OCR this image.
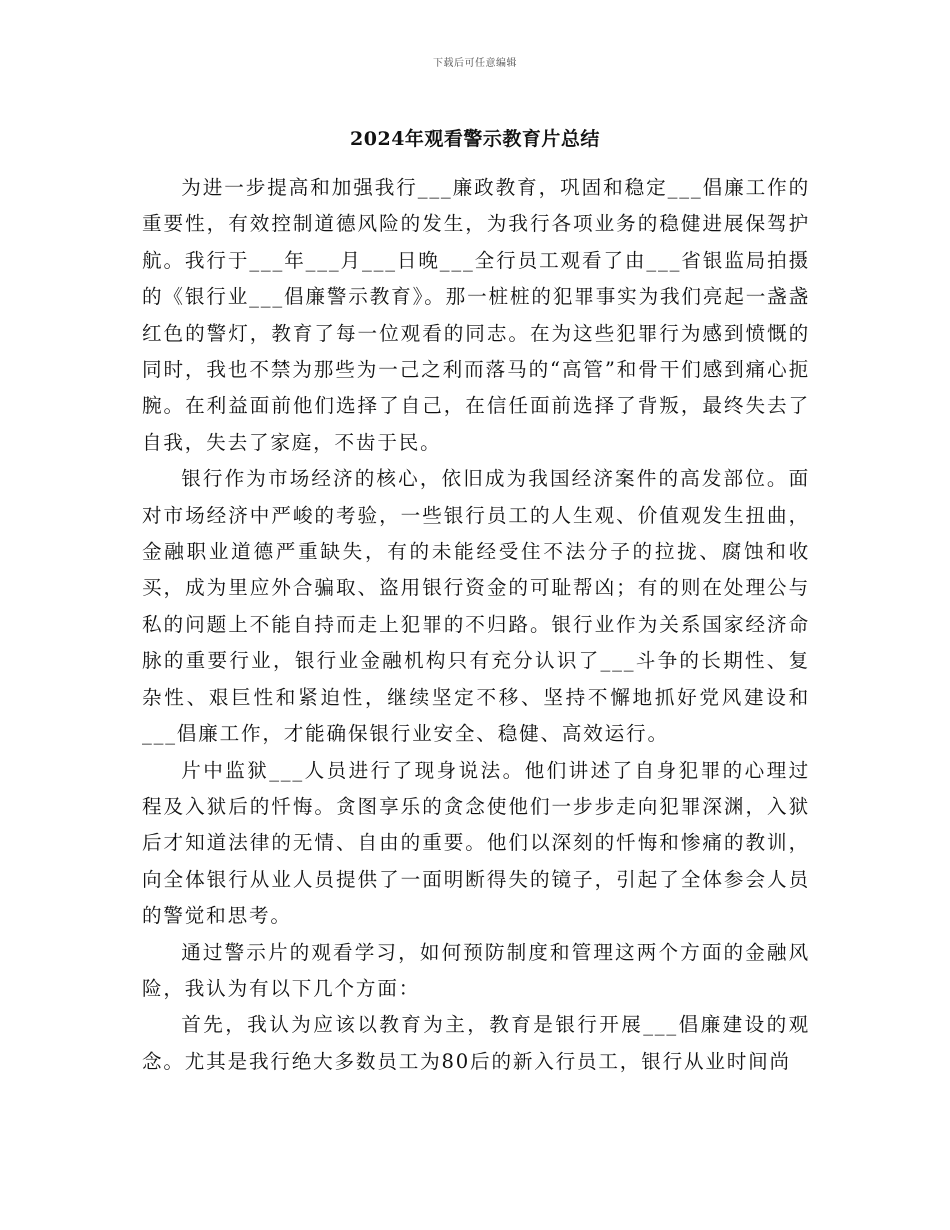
下载后可任意编辑
2024年观看警示教育片总结

为进一步提高和加强我行___廉政教育，巩固和稳定___倡廉工作的重要性，有效控制道德风险的发生，为我行各项业务的稳健进展保驾护航。我行于___年___月___日晚___全行员工观看了由___省银监局拍摄的《银行业___倡廉警示教育》。那一桩桩的犯罪事实为我们亮起一盏盏红色的警灯，教育了每一位观看的同志。在为这些犯罪行为感到愤慨的同时，我也不禁为那些为一己之利而落马的“高管”和骨干们感到痛心扼腕。在利益面前他们选择了自己，在信任面前选择了背叛，最终失去了自我，失去了家庭，不齿于民。

银行作为市场经济的核心，依旧成为我国经济案件的高发部位。面对市场经济中严峻的考验，一些银行员工的人生观、价值观发生扭曲，金融职业道德严重缺失，有的未能经受住不法分子的拉拢、腐蚀和收买，成为里应外合骗取、盗用银行资金的可耻帮凶；有的则在处理公与私的问题上不能自持而走上犯罪的不归路。银行业作为关系国家经济命脉的重要行业，银行业金融机构只有充分认识了___斗争的长期性、复杂性、艰巨性和紧迫性，继续坚定不移、坚持不懈地抓好党风建设和___倡廉工作，才能确保银行业安全、稳健、高效运行。

片中监狱___人员进行了现身说法。他们讲述了自身犯罪的心理过程及入狱后的忏悔。贪图享乐的贪念使他们一步步走向犯罪深渊，入狱后才知道法律的无情、自由的重要。他们以深刻的忏悔和惨痛的教训，向全体银行从业人员提供了一面明断得失的镜子，引起了全体参会人员的警觉和思考。

通过警示片的观看学习，如何预防制度和管理这两个方面的金融风险，我认为有以下几个方面：

首先，我认为应该以教育为主，教育是银行开展___倡廉建设的观念。尤其是我行绝大多数员工为80后的新入行员工，银行从业时间尚
